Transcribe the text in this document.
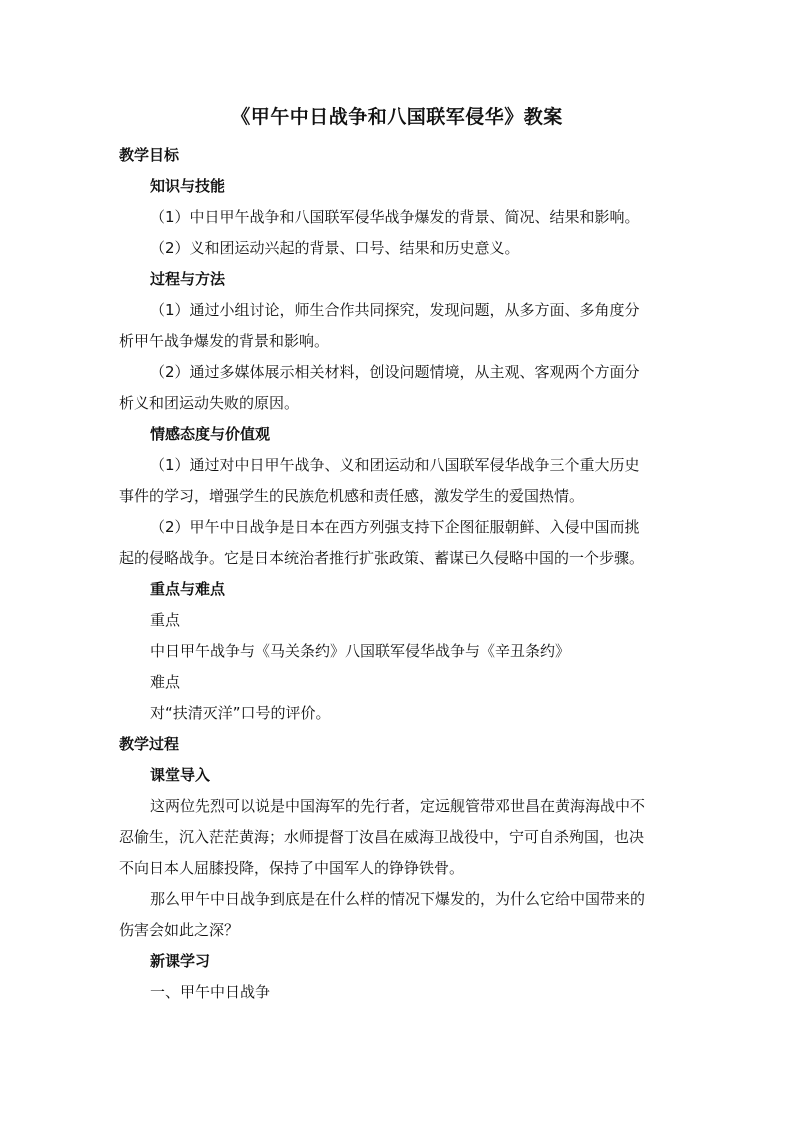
《甲午中日战争和八国联军侵华》教案
教学目标
知识与技能
（1）中日甲午战争和八国联军侵华战争爆发的背景、简况、结果和影响。
（2）义和团运动兴起的背景、口号、结果和历史意义。
过程与方法
（1）通过小组讨论，师生合作共同探究，发现问题，从多方面、多角度分
析甲午战争爆发的背景和影响。
（2）通过多媒体展示相关材料，创设问题情境，从主观、客观两个方面分
析义和团运动失败的原因。
情感态度与价值观
（1）通过对中日甲午战争、义和团运动和八国联军侵华战争三个重大历史
事件的学习，增强学生的民族危机感和责任感，激发学生的爱国热情。
（2）甲午中日战争是日本在西方列强支持下企图征服朝鲜、入侵中国而挑
起的侵略战争。它是日本统治者推行扩张政策、蓄谋已久侵略中国的一个步骤。
重点与难点
重点
中日甲午战争与《马关条约》八国联军侵华战争与《辛丑条约》
难点
对“扶清灭洋”口号的评价。
教学过程
课堂导入
这两位先烈可以说是中国海军的先行者，定远舰管带邓世昌在黄海海战中不
忍偷生，沉入茫茫黄海；水师提督丁汝昌在威海卫战役中，宁可自杀殉国，也决
不向日本人屈膝投降，保持了中国军人的铮铮铁骨。
那么甲午中日战争到底是在什么样的情况下爆发的，为什么它给中国带来的
伤害会如此之深？
新课学习
一、甲午中日战争
